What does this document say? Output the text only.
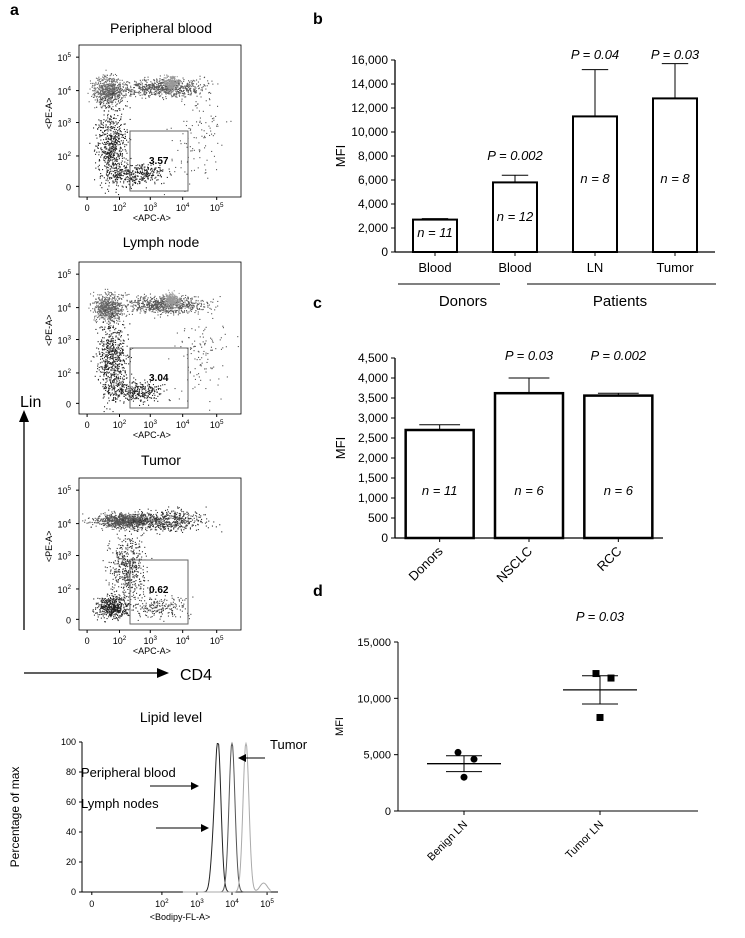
a
b
c
d
Peripheral blood
3.57
0
$10^2$
$10^3$
$10^4$
$10^5$
0	$10^2$ $10^3$ $10^4$ $10^5$
<APC-A>
<PE-A>
Lymph node
3.04
0
$10^2$
$10^3$
$10^4$
$10^5$
0	$10^2$ $10^3$ $10^4$ $10^5$
<APC-A>
<PE-A>
Tumor
0.62
0
$10^2$
$10^3$
$10^4$
$10^5$
0	$10^2$ $10^3$ $10^4$ $10^5$
<APC-A>
<PE-A>
Lin
CD4
Lipid level
0
20
40
60
80
100
0	$10^2$ $10^3$ $10^4$ $10^5$
<Bodipy-FL-A>
Percentage of max
Tumor
Peripheral blood
Lymph nodes
0
2,000
4,000
6,000
8,000
10,000
12,000
14,000
16,000
MFI
Blood
n = 11
Blood
n = 12
P = 0.002
LN
n = 8
P = 0.04
Tumor
n = 8
P = 0.03
Donors	Patients
0
500
1,000
1,500
2,000
2,500
3,000
3,500
4,000
4,500
MFI
Donors
n = 11
NSCLC
n = 6
P = 0.03
RCC
n = 6
P = 0.002
0
5,000
10,000
15,000
MFI
Benign LN	Tumor LN
P = 0.03
